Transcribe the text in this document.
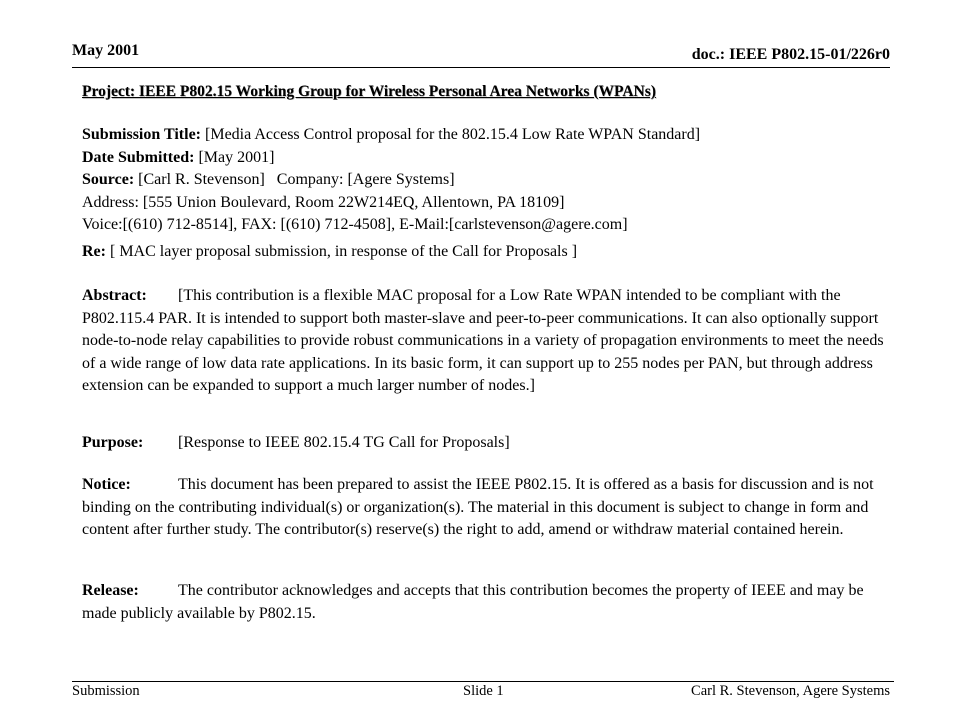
May 2001	doc.: IEEE P802.15-01/226r0
Project: IEEE P802.15 Working Group for Wireless Personal Area Networks (WPANs)
Submission Title: [Media Access Control proposal for the 802.15.4 Low Rate WPAN Standard]
Date Submitted: [May 2001]
Source: [Carl R. Stevenson] Company: [Agere Systems]
Address: [555 Union Boulevard, Room 22W214EQ, Allentown, PA 18109]
Voice:[(610) 712-8514], FAX: [(610) 712-4508], E-Mail:[carlstevenson@agere.com]
Re: [ MAC layer proposal submission, in response of the Call for Proposals ]
Abstract: [This contribution is a flexible MAC proposal for a Low Rate WPAN intended to be compliant with the P802.115.4 PAR. It is intended to support both master-slave and peer-to-peer communications. It can also optionally support node-to-node relay capabilities to provide robust communications in a variety of propagation environments to meet the needs of a wide range of low data rate applications. In its basic form, it can support up to 255 nodes per PAN, but through address extension can be expanded to support a much larger number of nodes.]
Purpose: [Response to IEEE 802.15.4 TG Call for Proposals]
Notice:	This document has been prepared to assist the IEEE P802.15. It is offered as a basis for discussion and is not binding on the contributing individual(s) or organization(s). The material in this document is subject to change in form and content after further study. The contributor(s) reserve(s) the right to add, amend or withdraw material contained herein.
Release: The contributor acknowledges and accepts that this contribution becomes the property of IEEE and may be made publicly available by P802.15.
Submission	Slide 1	Carl R. Stevenson, Agere Systems
